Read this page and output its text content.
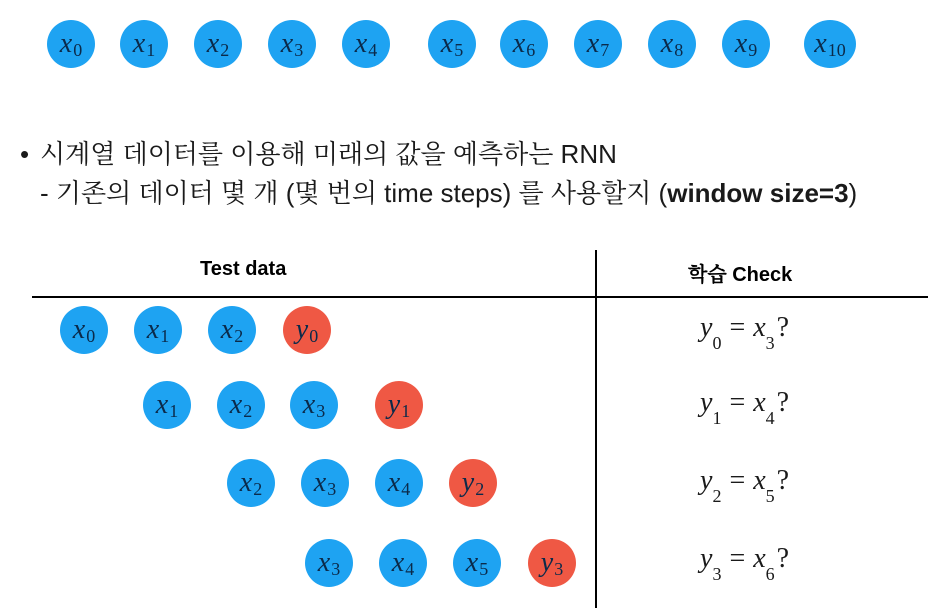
$x_0$ $x_1$ $x_2$ $x_3$ $x_4$ $x_5$ $x_6$ $x_7$ $x_8$ $x_9$ $x_{10}$
• 시계열 데이터를 이용해 미래의 값을 예측하는 RNN
- 기존의 데이터 몇 개 (몇 번의 time steps) 를 사용할지 (window size=3)
Test data	학습 Check
$x_0$ $x_1$ $x_2$ $y_0$	$y_0 = x_3$?
$x_1$ $x_2$ $x_3$ $y_1$	$y_1 = x_4$?
$x_2$ $x_3$ $x_4$ $y_2$	$y_2 = x_5$?
$x_3$ $x_4$ $x_5$ $y_3$	$y_3 = x_6$?
